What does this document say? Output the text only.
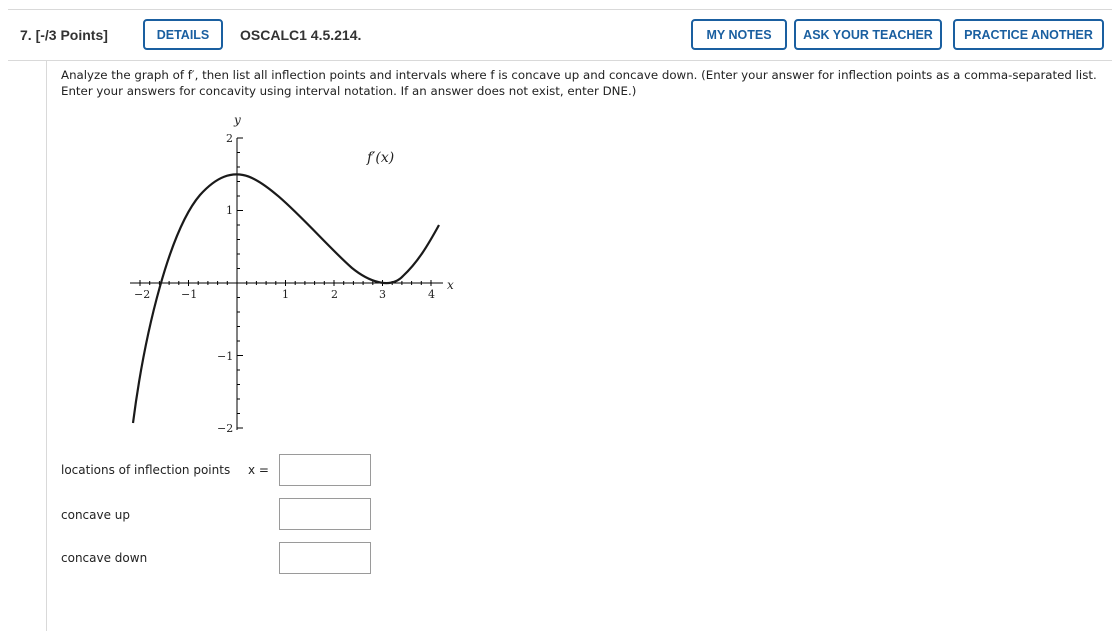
7. [-/3 Points]	DETAILS	OSCALC1 4.5.214.	MY NOTES	ASK YOUR TEACHER	PRACTICE ANOTHER
Analyze the graph of f′, then list all inflection points and intervals where f is concave up and concave down. (Enter your answer for inflection points as a comma-separated list. Enter your answers for concavity using interval notation. If an answer does not exist, enter DNE.)
−2	−1	1	2	3	4
2
1
−1
−2
y
x
f′(x)
locations of inflection points x =
concave up
concave down
